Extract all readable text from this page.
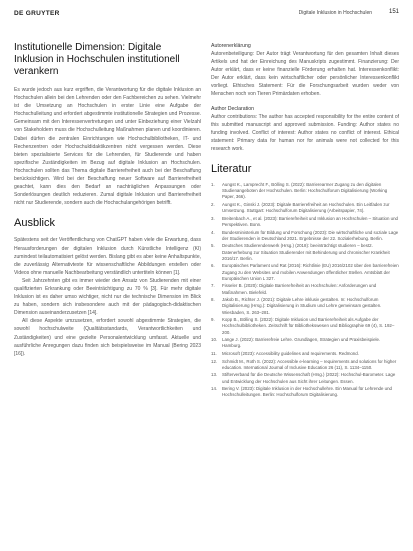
DE GRUYTER	Digitale Inklusion in Hochschulen	151
Institutionelle Dimension: Digitale Inklusion in Hochschulen institutionell verankern

Es wurde jedoch aus kurz ergriffen, die Verantwortung für die digitale Inklusion an Hochschulen allein bei den Lehrenden oder den Fachbereichen zu sehen. Vielmehr ist die Umsetzung an Hochschulen in erster Linie eine Aufgabe der Hochschulleitung und erfordert abgestimmte institutionelle Strategien und Prozesse. Gemeinsam mit den Interessenvertretungen und unter Einbeziehung einer Vielzahl von Stakeholdern muss die Hochschulleitung Maßnahmen planen und koordinieren. Dabei dürfen die zentralen Einrichtungen wie Hochschulbibliotheken, IT- und Rechenzentren oder Hochschuldidaktikzentren nicht vergessen werden. Diese bieten spezialisierte Services für die Lehrenden, für Studierende und haben spezifische Zuständigkeiten im Bezug auf digitale Inklusion an Hochschulen. Hochschulen sollten das Thema digitale Barrierefreiheit auch bei der Beschaffung berücksichtigen. Wird bei der Beschaffung neuer Software auf Barrierefreiheit geachtet, kann dies den Bedarf an nachträglichen Anpassungen oder Sonderlösungen deutlich reduzieren. Zumal digitale Inklusion und Barrierefreiheit nicht nur Studierende, sondern auch die Hochschulangehörigen betrifft.

Ausblick

Spätestens seit der Veröffentlichung von ChatGPT haben viele die Erwartung, dass Herausforderungen der digitalen Inklusion durch Künstliche Intelligenz (KI) zumindest teilautomatisiert gelöst werden. Bislang gibt es aber keine Anhaltspunkte, die zuverlässig Alternativtexte für wissenschaftliche Abbildungen erstellen oder Videos ohne manuelle Nachbearbeitung verständlich untertiteln können [1].

Seit Jahrzehnten gibt es immer wieder den Ansatz von Studierenden mit einer qualifizierten Erkrankung oder Beeinträchtigung zu 70 % [3]. Für mehr digitale Inklusion ist es daher umso wichtiger, nicht nur die technische Dimension im Blick zu haben, sondern sich insbesondere auch mit der pädagogisch-didaktischen Dimension auseinanderzusetzen [14].

All diese Aspekte umzusetzen, erfordert sowohl abgestimmte Strategien, die sowohl hochschulweite (Qualitätsstandards, Verantwortlichkeiten und Zuständigkeiten) und eine gezielte Personalentwicklung umfasst. Aktuelle und ausführliche Anregungen dazu finden sich beispielsweise im Manual (Bering 2023 [16]).

Autorenerklärung

Autorenbeteiligung: Der Autor trägt Verantwortung für den gesamten Inhalt dieses Artikels und hat der Einreichung des Manuskripts zugestimmt. Finanzierung: Der Autor erklärt, dass er keine finanzielle Förderung erhalten hat. Interessenkonflikt: Der Autor erklärt, dass kein wirtschaftlicher oder persönlicher Interessenkonflikt vorliegt. Ethisches Statement: Für die Forschungsarbeit wurden weder von Menschen noch von Tieren Primärdaten erhoben.

Author Declaration

Author contributions: The author has accepted responsibility for the entire content of this submitted manuscript and approved submission. Funding: Author states no funding involved. Conflict of interest: Author states no conflict of interest. Ethical statement: Primary data for human nor for animals were not collected for this research work.

Literatur
1. Aungst K., Lamprecht F., Bölling S. (2022): Barrierearmer Zugang zu den digitalen Studienangeboten der Hochschulen. Berlin: Hochschulforum Digitalisierung (Working Paper, 366).
2. Aungst K., Ginski J. (2023): Digitale Barrierefreiheit an Hochschulen. Ein Leitfaden zur Umsetzung. Stuttgart: Hochschulforum Digitalisierung (Arbeitspapier, 74).
3. Breitenbach A., et al. (2023): Barrierefreiheit und Inklusion an Hochschulen – Situation und Perspektiven. Bonn.
4. Bundesministerium für Bildung und Forschung (2023): Die wirtschaftliche und soziale Lage der Studierenden in Deutschland 2021. Ergebnisse der 22. Sozialerhebung. Berlin.
5. Deutsches Studierendenwerk (Hrsg.) (2018): beeinträchtigt studieren – best2. Datenerhebung zur Situation Studierender mit Behinderung und chronischer Krankheit 2016/17. Berlin.
6. Europäisches Parlament und Rat (2016): Richtlinie (EU) 2016/2102 über den barrierefreien Zugang zu den Websites und mobilen Anwendungen öffentlicher Stellen. Amtsblatt der Europäischen Union L 327.
7. Fisseler B. (2020): Digitale Barrierefreiheit an Hochschulen: Anforderungen und Maßnahmen. Bielefeld.
8. Jakob B., Richter J. (2021): Digitale Lehre inklusiv gestalten. In: Hochschulforum Digitalisierung (Hrsg.): Digitalisierung in Studium und Lehre gemeinsam gestalten. Wiesbaden, S. 263–281.
9. Kopp B., Bölling S. (2022): Digitale Inklusion und Barrierefreiheit als Aufgabe der Hochschulbibliotheken. Zeitschrift für Bibliothekswesen und Bibliographie 69 (4), S. 192–200.
10. Lange J. (2022): Barrierefreie Lehre. Grundlagen, Strategien und Praxisbeispiele. Hamburg.
11. Microsoft (2023): Accessibility guidelines and requirements. Redmond.
12. Schmidt M., Roth S. (2022): Accessible e-learning – requirements and solutions for higher education. International Journal of Inclusive Education 26 (11), S. 1134–1150.
13. Stifterverband für die Deutsche Wissenschaft (Hrsg.) (2022): Hochschul-Barometer. Lage und Entwicklung der Hochschulen aus Sicht ihrer Leitungen. Essen.
14. Bering V. (2023): Digitale Inklusion in der Hochschullehre. Ein Manual für Lehrende und Hochschulleitungen. Berlin: Hochschulforum Digitalisierung.
